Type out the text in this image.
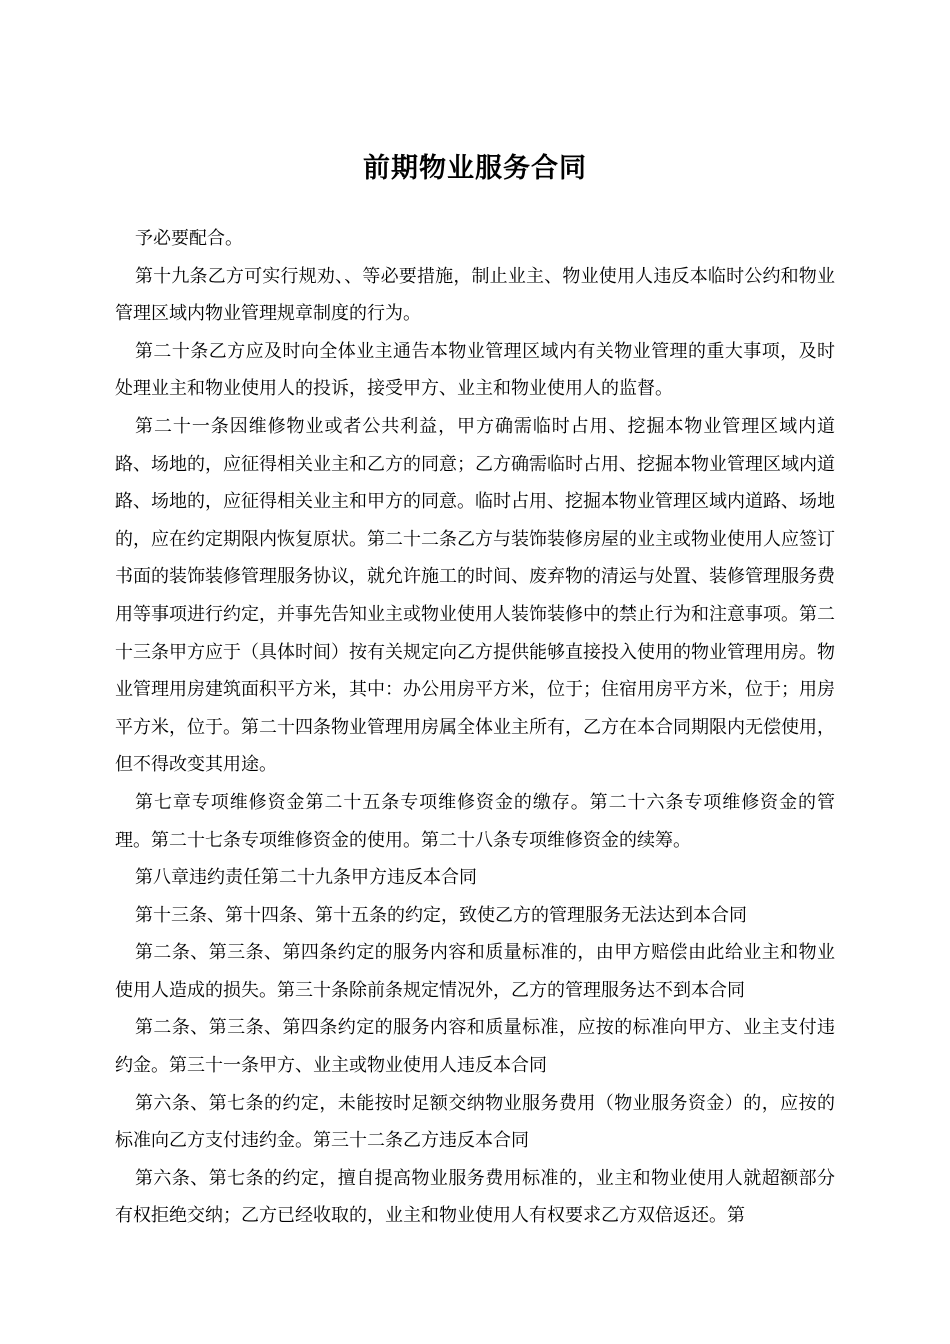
前期物业服务合同

予必要配合。

第十九条乙方可实行规劝、、等必要措施，制止业主、物业使用人违反本临时公约和物业管理区域内物业管理规章制度的行为。

第二十条乙方应及时向全体业主通告本物业管理区域内有关物业管理的重大事项，及时处理业主和物业使用人的投诉，接受甲方、业主和物业使用人的监督。

第二十一条因维修物业或者公共利益，甲方确需临时占用、挖掘本物业管理区域内道路、场地的，应征得相关业主和乙方的同意；乙方确需临时占用、挖掘本物业管理区域内道路、场地的，应征得相关业主和甲方的同意。临时占用、挖掘本物业管理区域内道路、场地的，应在约定期限内恢复原状。第二十二条乙方与装饰装修房屋的业主或物业使用人应签订书面的装饰装修管理服务协议，就允许施工的时间、废弃物的清运与处置、装修管理服务费用等事项进行约定，并事先告知业主或物业使用人装饰装修中的禁止行为和注意事项。第二十三条甲方应于（具体时间）按有关规定向乙方提供能够直接投入使用的物业管理用房。物业管理用房建筑面积平方米，其中：办公用房平方米，位于；住宿用房平方米，位于；用房平方米，位于。第二十四条物业管理用房属全体业主所有，乙方在本合同期限内无偿使用，但不得改变其用途。

第七章专项维修资金第二十五条专项维修资金的缴存。第二十六条专项维修资金的管理。第二十七条专项维修资金的使用。第二十八条专项维修资金的续筹。

第八章违约责任第二十九条甲方违反本合同

第十三条、第十四条、第十五条的约定，致使乙方的管理服务无法达到本合同

第二条、第三条、第四条约定的服务内容和质量标准的，由甲方赔偿由此给业主和物业使用人造成的损失。第三十条除前条规定情况外，乙方的管理服务达不到本合同

第二条、第三条、第四条约定的服务内容和质量标准，应按的标准向甲方、业主支付违约金。第三十一条甲方、业主或物业使用人违反本合同

第六条、第七条的约定，未能按时足额交纳物业服务费用（物业服务资金）的，应按的标准向乙方支付违约金。第三十二条乙方违反本合同

第六条、第七条的约定，擅自提高物业服务费用标准的，业主和物业使用人就超额部分有权拒绝交纳；乙方已经收取的，业主和物业使用人有权要求乙方双倍返还。第
